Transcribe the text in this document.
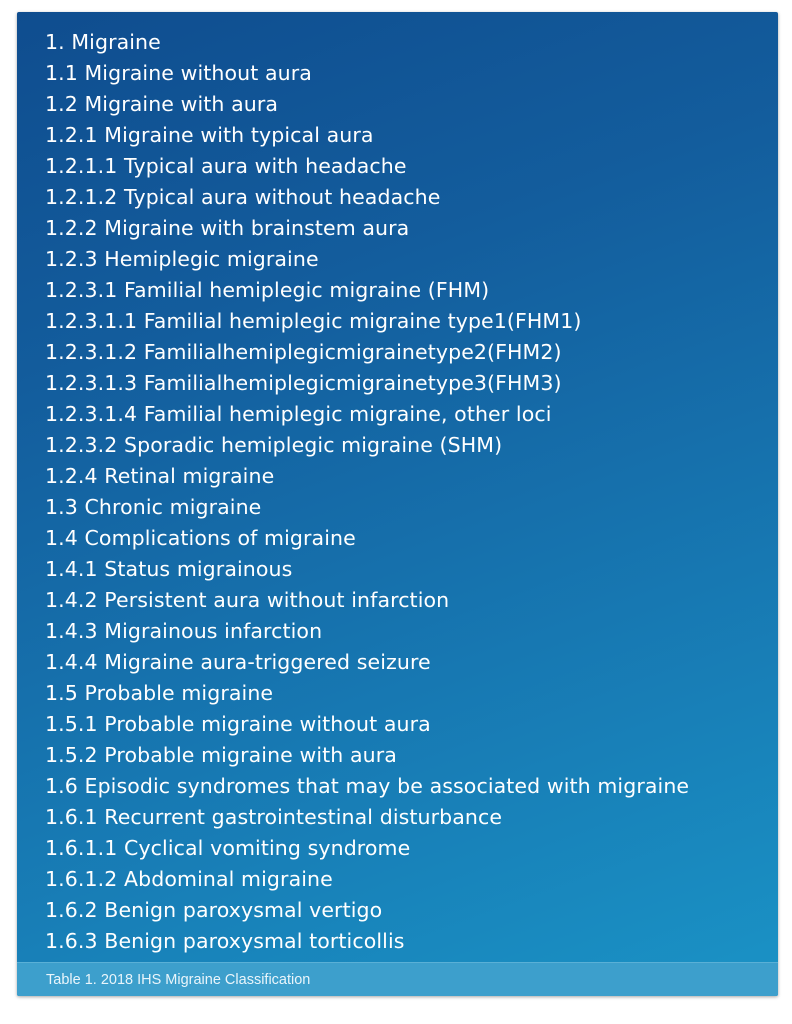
1. Migraine
1.1 Migraine without aura
1.2 Migraine with aura
1.2.1 Migraine with typical aura
1.2.1.1 Typical aura with headache
1.2.1.2 Typical aura without headache
1.2.2 Migraine with brainstem aura
1.2.3 Hemiplegic migraine
1.2.3.1 Familial hemiplegic migraine (FHM)
1.2.3.1.1 Familial hemiplegic migraine type1(FHM1)
1.2.3.1.2 Familialhemiplegicmigrainetype2(FHM2)
1.2.3.1.3 Familialhemiplegicmigrainetype3(FHM3)
1.2.3.1.4 Familial hemiplegic migraine, other loci
1.2.3.2 Sporadic hemiplegic migraine (SHM)
1.2.4 Retinal migraine
1.3 Chronic migraine
1.4 Complications of migraine
1.4.1 Status migrainous
1.4.2 Persistent aura without infarction
1.4.3 Migrainous infarction
1.4.4 Migraine aura-triggered seizure
1.5 Probable migraine
1.5.1 Probable migraine without aura
1.5.2 Probable migraine with aura
1.6 Episodic syndromes that may be associated with migraine
1.6.1 Recurrent gastrointestinal disturbance
1.6.1.1 Cyclical vomiting syndrome
1.6.1.2 Abdominal migraine
1.6.2 Benign paroxysmal vertigo
1.6.3 Benign paroxysmal torticollis
Table 1. 2018 IHS Migraine Classification
